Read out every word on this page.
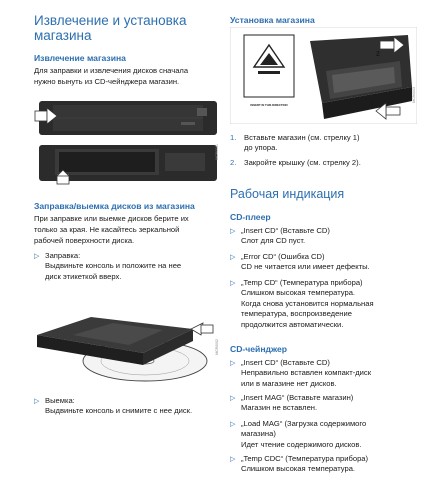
Извлечение и установка
магазина
Извлечение магазина

Для заправки и извлечения дисков сначала

нужно вынуть из CD-чейнджера магазин.

MCR0001
Заправка/выемка дисков из магазина

При заправке или выемке дисков берите их

только за края. Не касайтесь зеркальной

рабочей поверхности диска.

▷ Заправка:
Выдвиньте консоль и положите на нее
диск этикеткой вверх.
MCR0002
▷ Выемка:
Выдвиньте консоль и снимите с нее диск.
Установка магазина
INSERT IN THIS DIRECTION
2
1
MCR0003
1. Вставьте магазин (см. стрелку 1)
до упора.
2. Закройте крышку (см. стрелку 2).
Рабочая индикация
CD-плеер
▷ „Insert CD“ (Вставьте CD)
Слот для CD пуст.
▷ „Error CD“ (Ошибка CD)
CD не читается или имеет дефекты.
▷ „Temp CD“ (Температура прибора)
Слишком высокая температура.
Когда снова установится нормальная
температура, воспроизведение
продолжится автоматически.
CD-чейнджер
▷ „Insert CD“ (Вставьте CD)
Неправильно вставлен компакт-диск
или в магазине нет дисков.
▷ „Insert MAG“ (Вставьте магазин)
Магазин не вставлен.
▷ „Load MAG“ (Загрузка содержимого
магазина)
Идет чтение содержимого дисков.
▷ „Temp CDC“ (Температура прибора)
Слишком высокая температура.
